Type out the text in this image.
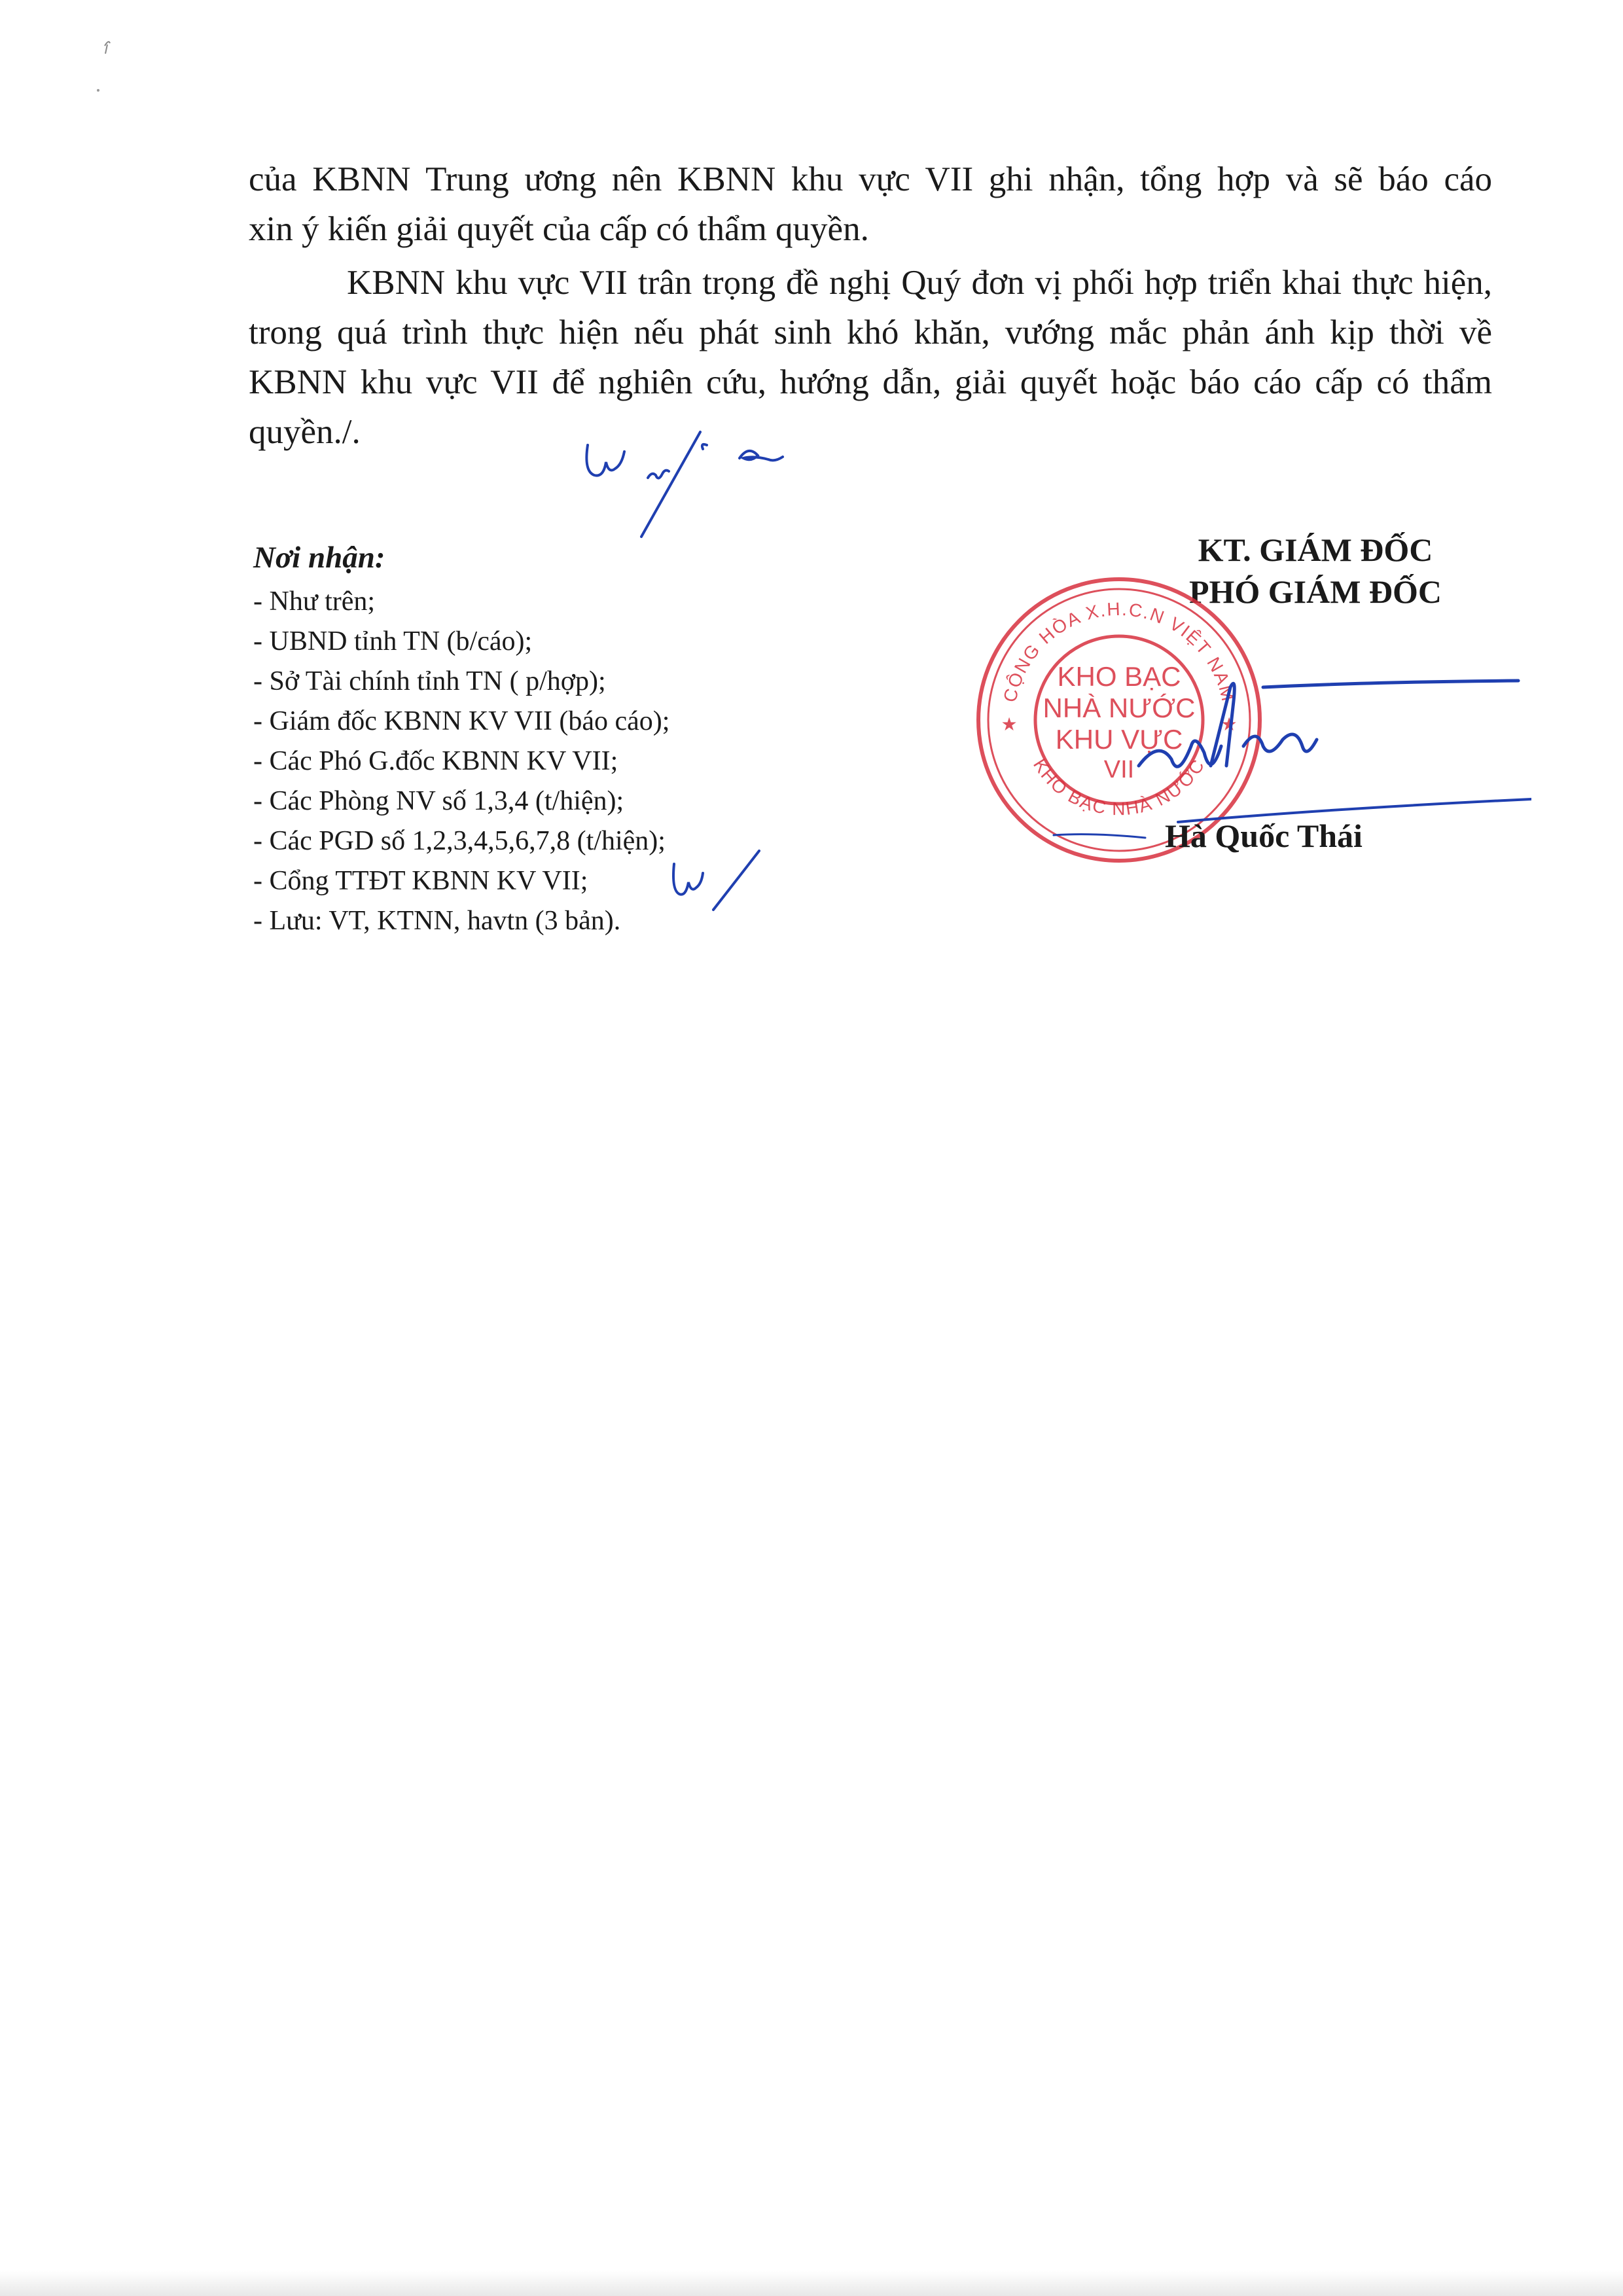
của KBNN Trung ương nên KBNN khu vực VII ghi nhận, tổng hợp và sẽ báo cáo

xin ý kiến giải quyết của cấp có thẩm quyền.

KBNN khu vực VII trân trọng đề nghị Quý đơn vị phối hợp triển khai thực hiện, trong quá trình thực hiện nếu phát sinh khó khăn, vướng mắc phản ánh kịp thời về KBNN khu vực VII để nghiên cứu, hướng dẫn, giải quyết hoặc báo cáo cấp có thẩm quyền./.

Nơi nhận:
- Như trên;
- UBND tỉnh TN (b/cáo);
- Sở Tài chính tỉnh TN ( p/hợp);
- Giám đốc KBNN KV VII (báo cáo);
- Các Phó G.đốc KBNN KV VII;
- Các Phòng NV số 1,3,4 (t/hiện);
- Các PGD số 1,2,3,4,5,6,7,8 (t/hiện);
- Cổng TTĐT KBNN KV VII;
- Lưu: VT, KTNN, havtn (3 bản).
KT. GIÁM ĐỐC
PHÓ GIÁM ĐỐC
CỘNG HÒA X.H.C.N VIỆT NAM
KHO BẠC NHÀ NƯỚC
★	★
KHO BẠC
NHÀ NƯỚC
KHU VỰC
VII
Hà Quốc Thái
